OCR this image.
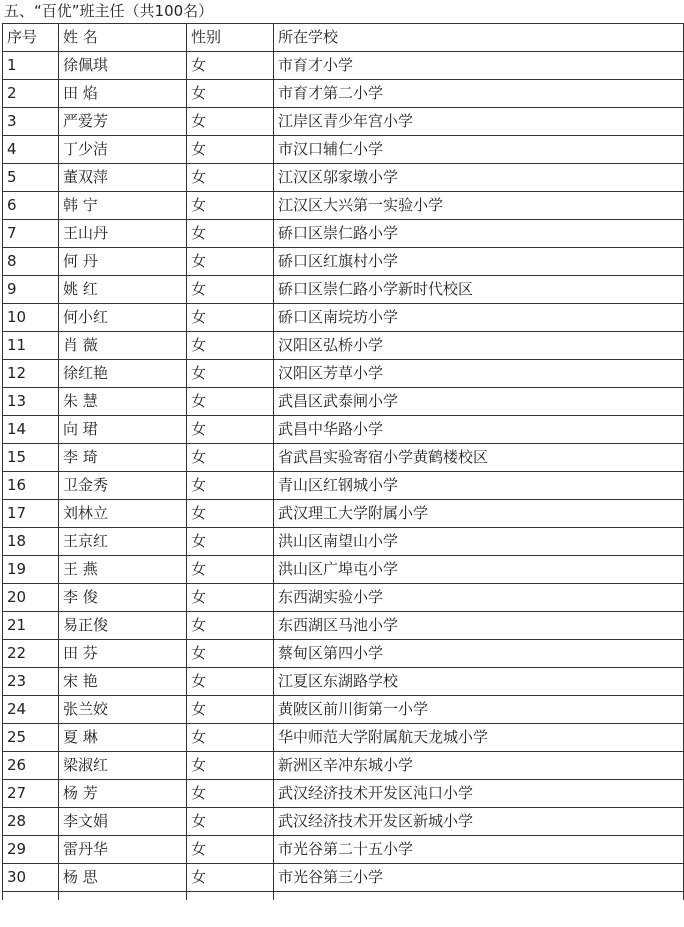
五、“百优”班主任（共100名）
序号	姓 名	性别	所在学校
1	徐佩琪	女	市育才小学
2	田 焰	女	市育才第二小学
3	严爱芳	女	江岸区青少年宫小学
4	丁少洁	女	市汉口辅仁小学
5	董双萍	女	江汉区邬家墩小学
6	韩 宁	女	江汉区大兴第一实验小学
7	王山丹	女	硚口区崇仁路小学
8	何 丹	女	硚口区红旗村小学
9	姚 红	女	硚口区崇仁路小学新时代校区
10	何小红	女	硚口区南垸坊小学
11	肖 薇	女	汉阳区弘桥小学
12	徐红艳	女	汉阳区芳草小学
13	朱 慧	女	武昌区武泰闸小学
14	向 珺	女	武昌中华路小学
15	李 琦	女	省武昌实验寄宿小学黄鹤楼校区
16	卫金秀	女	青山区红钢城小学
17	刘林立	女	武汉理工大学附属小学
18	王京红	女	洪山区南望山小学
19	王 燕	女	洪山区广埠屯小学
20	李 俊	女	东西湖实验小学
21	易正俊	女	东西湖区马池小学
22	田 芬	女	蔡甸区第四小学
23	宋 艳	女	江夏区东湖路学校
24	张兰姣	女	黄陂区前川街第一小学
25	夏 琳	女	华中师范大学附属航天龙城小学
26	梁淑红	女	新洲区辛冲东城小学
27	杨 芳	女	武汉经济技术开发区沌口小学
28	李文娟	女	武汉经济技术开发区新城小学
29	雷丹华	女	市光谷第二十五小学
30	杨 思	女	市光谷第三小学
